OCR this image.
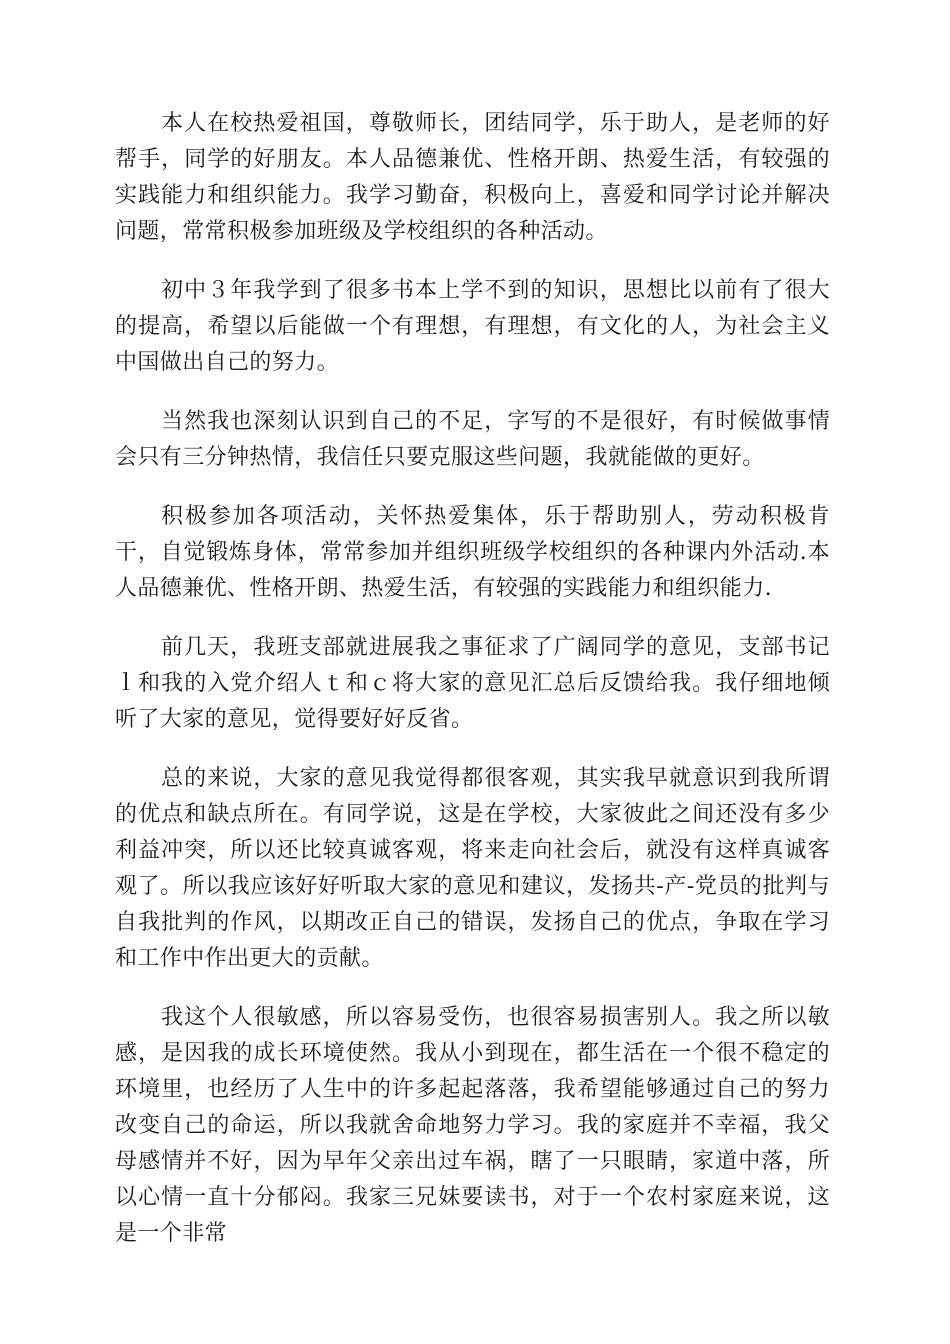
本人在校热爱祖国，尊敬师长，团结同学，乐于助人，是老师的好帮手，同学的好朋友。本人品德兼优、性格开朗、热爱生活，有较强的实践能力和组织能力。我学习勤奋，积极向上，喜爱和同学讨论并解决问题，常常积极参加班级及学校组织的各种活动。

初中３年我学到了很多书本上学不到的知识，思想比以前有了很大的提高，希望以后能做一个有理想，有理想，有文化的人，为社会主义中国做出自己的努力。

当然我也深刻认识到自己的不足，字写的不是很好，有时候做事情会只有三分钟热情，我信任只要克服这些问题，我就能做的更好。

积极参加各项活动，关怀热爱集体，乐于帮助别人，劳动积极肯干，自觉锻炼身体，常常参加并组织班级学校组织的各种课内外活动.本人品德兼优、性格开朗、热爱生活，有较强的实践能力和组织能力.

前几天，我班支部就进展我之事征求了广阔同学的意见，支部书记ｌ和我的入党介绍人ｔ和ｃ将大家的意见汇总后反馈给我。我仔细地倾听了大家的意见，觉得要好好反省。

总的来说，大家的意见我觉得都很客观，其实我早就意识到我所谓的优点和缺点所在。有同学说，这是在学校，大家彼此之间还没有多少利益冲突，所以还比较真诚客观，将来走向社会后，就没有这样真诚客观了。所以我应该好好听取大家的意见和建议，发扬共-产-党员的批判与自我批判的作风，以期改正自己的错误，发扬自己的优点，争取在学习和工作中作出更大的贡献。

我这个人很敏感，所以容易受伤，也很容易损害别人。我之所以敏感，是因我的成长环境使然。我从小到现在，都生活在一个很不稳定的环境里，也经历了人生中的许多起起落落，我希望能够通过自己的努力改变自己的命运，所以我就舍命地努力学习。我的家庭并不幸福，我父母感情并不好，因为早年父亲出过车祸，瞎了一只眼睛，家道中落，所以心情一直十分郁闷。我家三兄妹要读书，对于一个农村家庭来说，这是一个非常
